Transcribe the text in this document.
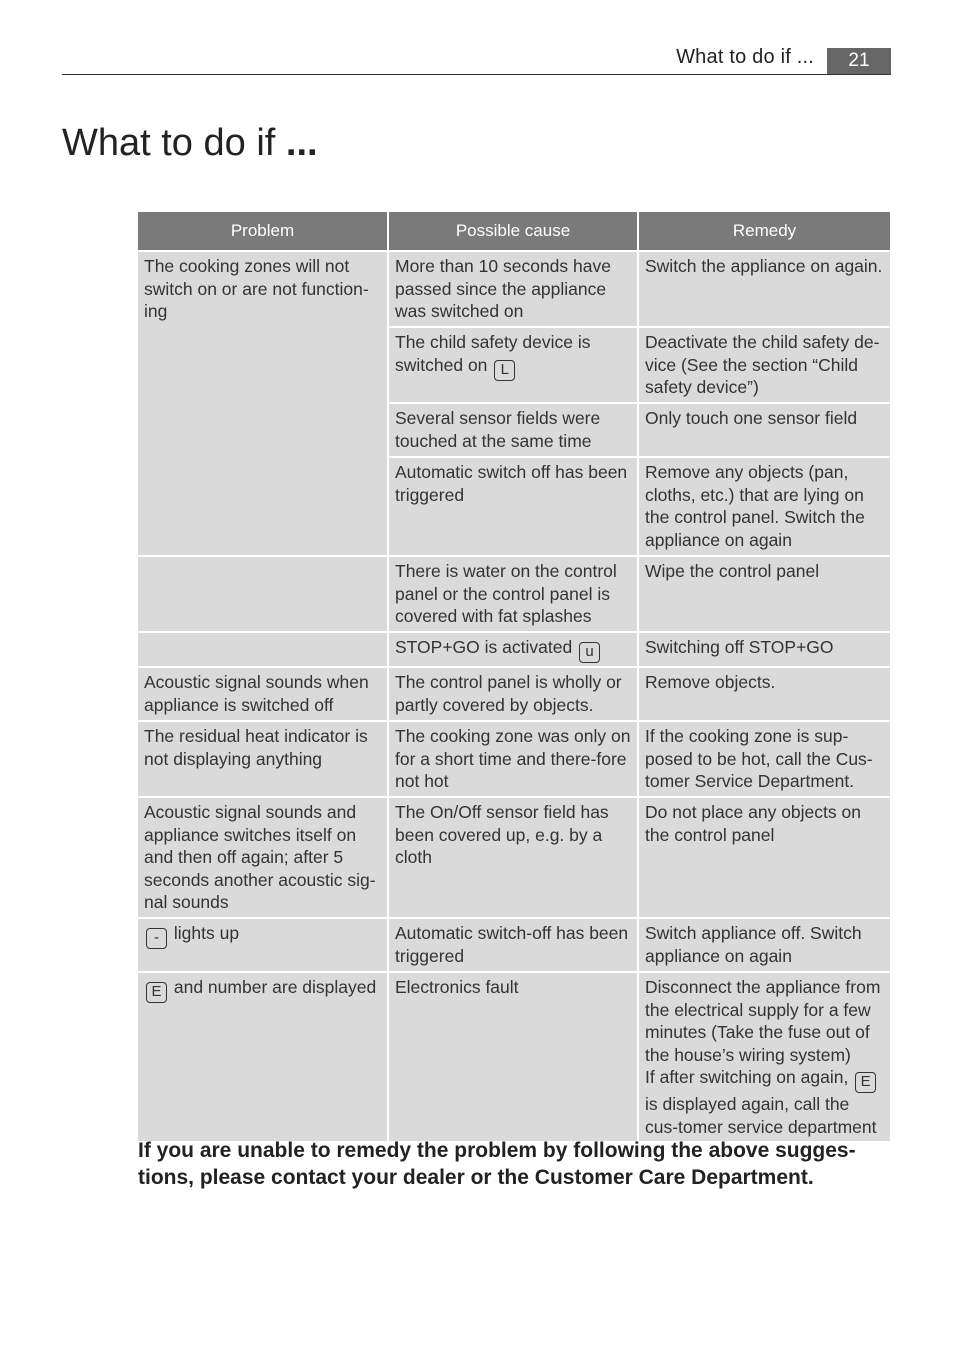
What to do if ...	21
What to do if ...
Problem	Possible cause	Remedy
The cooking zones will not switch on or are not function-ing	More than 10 seconds have passed since the appliance was switched on	Switch the appliance on again.
	The child safety device is switched on L	Deactivate the child safety de-vice (See the section “Child safety device”)
	Several sensor fields were touched at the same time	Only touch one sensor field
	Automatic switch off has been triggered	Remove any objects (pan, cloths, etc.) that are lying on the control panel. Switch the appliance on again
	There is water on the control panel or the control panel is covered with fat splashes	Wipe the control panel
	STOP+GO is activated u	Switching off STOP+GO
Acoustic signal sounds when appliance is switched off	The control panel is wholly or partly covered by objects.	Remove objects.
The residual heat indicator is not displaying anything	The cooking zone was only on for a short time and there-fore not hot	If the cooking zone is sup-posed to be hot, call the Cus-tomer Service Department.
Acoustic signal sounds and appliance switches itself on and then off again; after 5 seconds another acoustic sig-nal sounds	The On/Off sensor field has been covered up, e.g. by a cloth	Do not place any objects on the control panel
- lights up	Automatic switch-off has been triggered	Switch appliance off. Switch appliance on again
E and number are displayed	Electronics fault	Disconnect the appliance from the electrical supply for a few minutes (Take the fuse out of the house’s wiring system)
If after switching on again, E is displayed again, call the cus-tomer service department
If you are unable to remedy the problem by following the above sugges-tions, please contact your dealer or the Customer Care Department.
